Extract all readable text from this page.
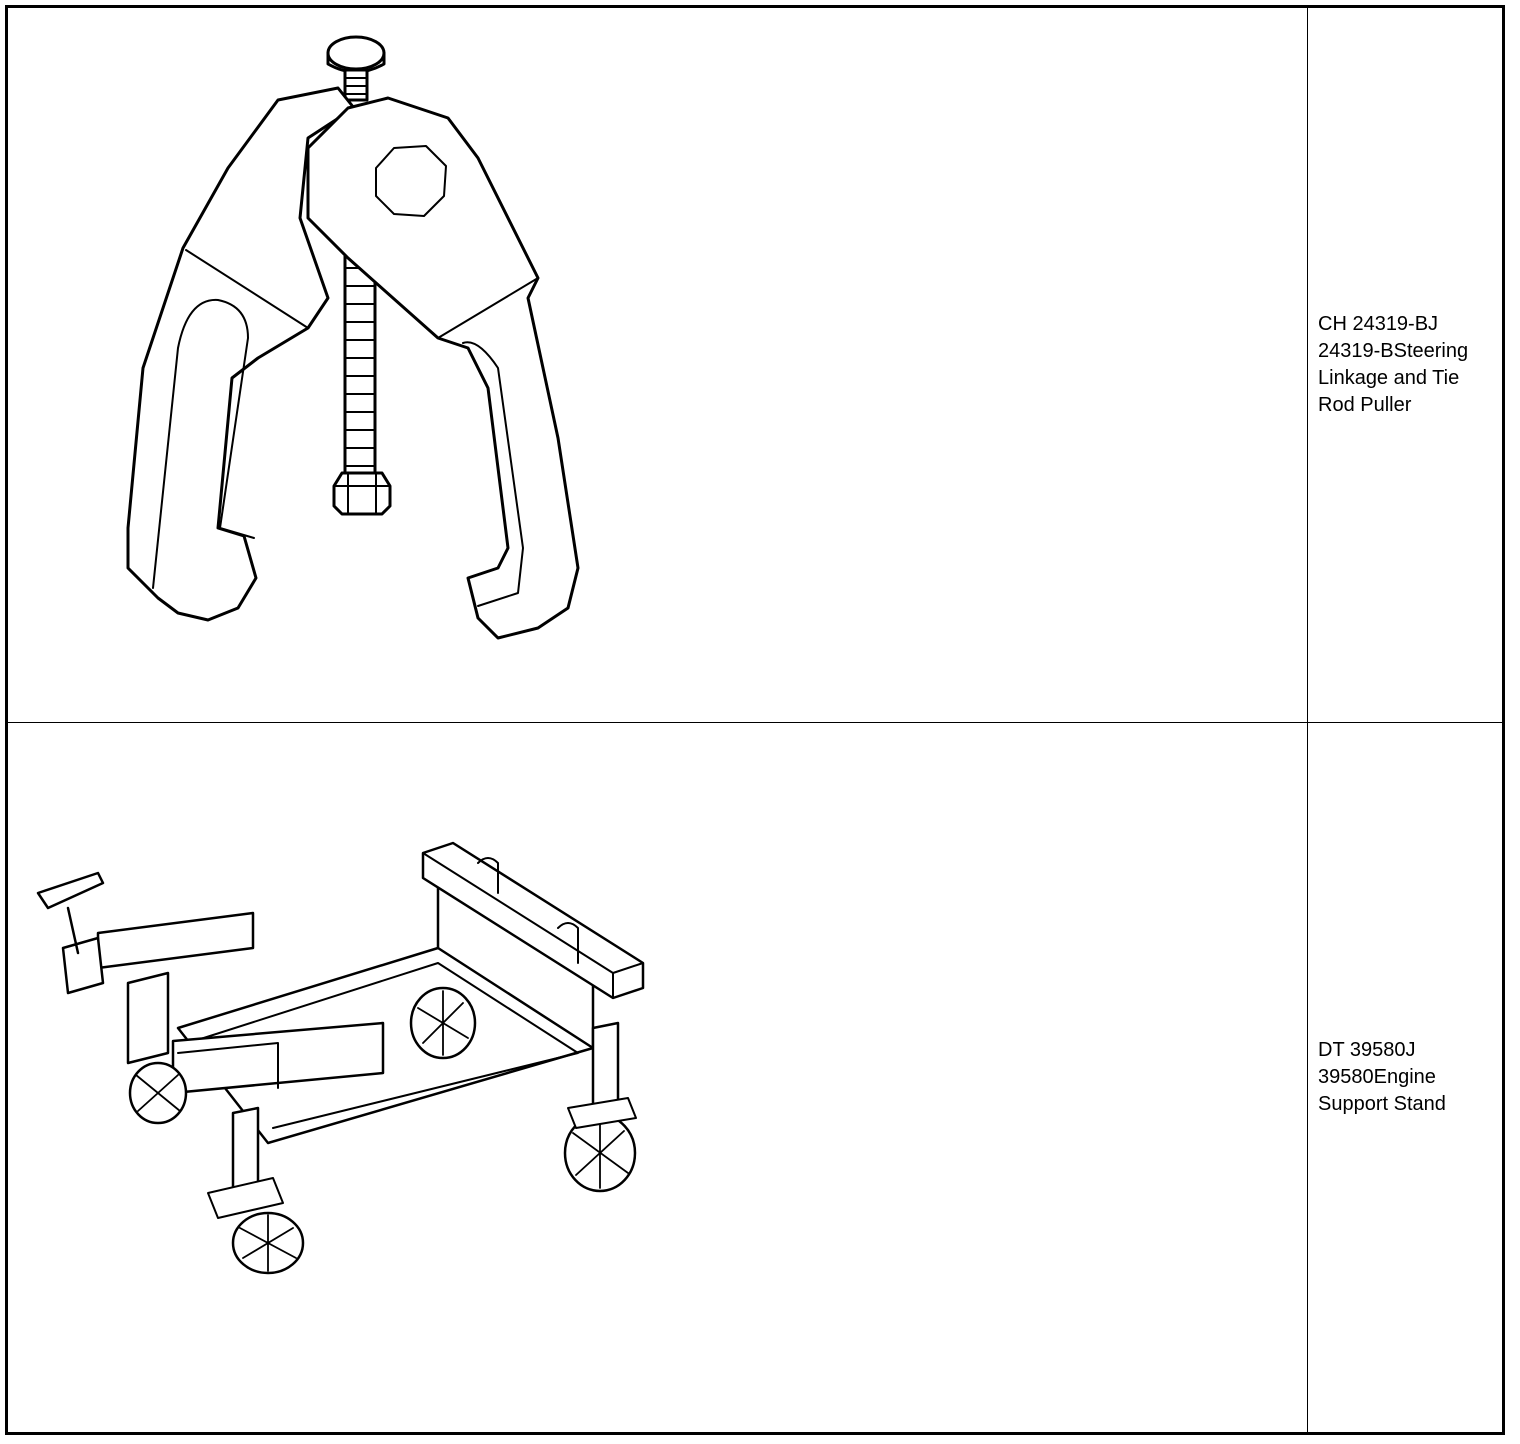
CH 24319-BJ
24319-BSteering
Linkage and Tie
Rod Puller
DT 39580J
39580Engine
Support Stand
